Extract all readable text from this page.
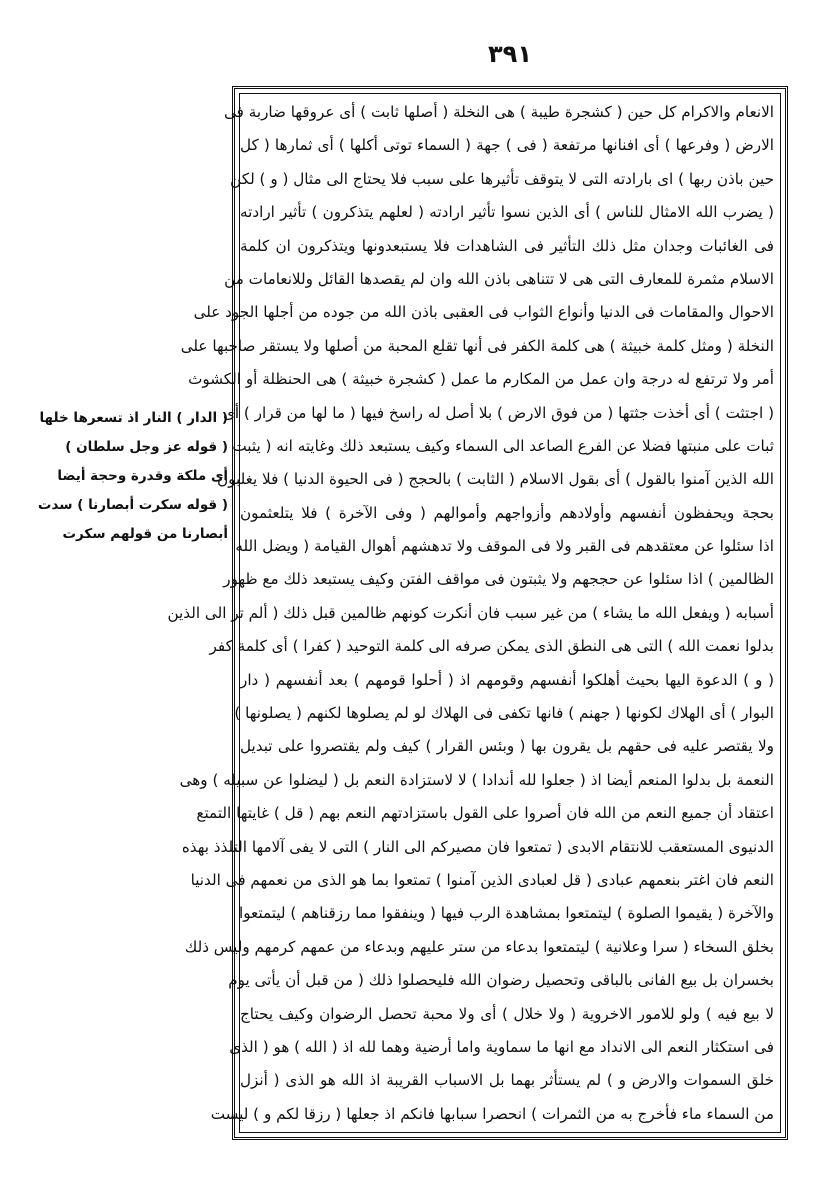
٣٩١
الانعام والاكرام كل حين ( كشجرة طيبة ) هى النخلة ( أصلها ثابت ) أى عروقها ضاربة فى
الارض ( وفرعها ) أى افنانها مرتفعة ( فى ) جهة ( السماء توتى أكلها ) أى ثمارها ( كل
حين باذن ربها ) اى بارادته التى لا يتوقف تأثيرها على سبب فلا يحتاج الى مثال ( و ) لكن
( يضرب الله الامثال للناس ) أى الذين نسوا تأثير ارادته ( لعلهم يتذكرون ) تأثير ارادته
فى الغائبات وجدان مثل ذلك التأثير فى الشاهدات فلا يستبعدونها ويتذكرون ان كلمة
الاسلام مثمرة للمعارف التى هى لا تتناهى باذن الله وان لم يقصدها القائل وللانعامات من
الاحوال والمقامات فى الدنيا وأنواع الثواب فى العقبى باذن الله من جوده من أجلها الجود على
النخلة ( ومثل كلمة خبيثة ) هى كلمة الكفر فى أنها تقلع المحبة من أصلها ولا يستقر صاحبها على
أمر ولا ترتفع له درجة وان عمل من المكارم ما عمل ( كشجرة خبيثة ) هى الحنظلة أو الكشوث
( اجتثت ) أى أخذت جثتها ( من فوق الارض ) بلا أصل له راسخ فيها ( ما لها من قرار ) أى
ثبات على منبتها فضلا عن الفرع الصاعد الى السماء وكيف يستبعد ذلك وغايته انه ( يثبت
الله الذين آمنوا بالقول ) أى بقول الاسلام ( الثابت ) بالحجج ( فى الحيوة الدنيا ) فلا يغلبون
بحجة ويحفظون أنفسهم وأولادهم وأزواجهم وأموالهم ( وفى الآخرة ) فلا يتلعثمون
اذا سئلوا عن معتقدهم فى القبر ولا فى الموقف ولا تدهشهم أهوال القيامة ( ويضل الله
الظالمين ) اذا سئلوا عن حججهم ولا يثبتون فى مواقف الفتن وكيف يستبعد ذلك مع ظهور
أسبابه ( ويفعل الله ما يشاء ) من غير سبب فان أنكرت كونهم ظالمين قبل ذلك ( ألم تر الى الذين
بدلوا نعمت الله ) التى هى النطق الذى يمكن صرفه الى كلمة التوحيد ( كفرا ) أى كلمة كفر
( و ) الدعوة اليها بحيث أهلكوا أنفسهم وقومهم اذ ( أحلوا قومهم ) بعد أنفسهم ( دار
البوار ) أى الهلاك لكونها ( جهنم ) فانها تكفى فى الهلاك لو لم يصلوها لكنهم ( يصلونها )
ولا يقتصر عليه فى حقهم بل يقرون بها ( وبئس القرار ) كيف ولم يقتصروا على تبديل
النعمة بل بدلوا المنعم أيضا اذ ( جعلوا لله أندادا ) لا لاستزادة النعم بل ( ليضلوا عن سبيله ) وهى
اعتقاد أن جميع النعم من الله فان أصروا على القول باستزادتهم النعم بهم ( قل ) غايتها التمتع
الدنيوى المستعقب للانتقام الابدى ( تمتعوا فان مصيركم الى النار ) التى لا يفى آلامها التلذذ بهذه
النعم فان اغتر بنعمهم عبادى ( قل لعبادى الذين آمنوا ) تمتعوا بما هو الذى من نعمهم فى الدنيا
والآخرة ( يقيموا الصلوة ) ليتمتعوا بمشاهدة الرب فيها ( وينفقوا مما رزقناهم ) ليتمتعوا
بخلق السخاء ( سرا وعلانية ) ليتمتعوا بدعاء من ستر عليهم وبدعاء من عمهم كرمهم وليس ذلك
بخسران بل بيع الفانى بالباقى وتحصيل رضوان الله فليحصلوا ذلك ( من قبل أن يأتى يوم
لا بيع فيه ) ولو للامور الاخروية ( ولا خلال ) أى ولا محبة تحصل الرضوان وكيف يحتاج
فى استكثار النعم الى الانداد مع انها ما سماوية واما أرضية وهما لله اذ ( الله ) هو ( الذى
خلق السموات والارض و ) لم يستأثر بهما بل الاسباب القريبة اذ الله هو الذى ( أنزل
من السماء ماء فأخرج به من الثمرات ) انحصرا سبابها فانكم اذ جعلها ( رزقا لكم و ) ليست
( الدار ) النار اذ تسعرها خلها
( قوله عز وجل سلطان )
أى ملكة وقدرة وحجة أيضا
( قوله سكرت أبصارنا ) سدت
أبصارنا من قولهم سكرت
